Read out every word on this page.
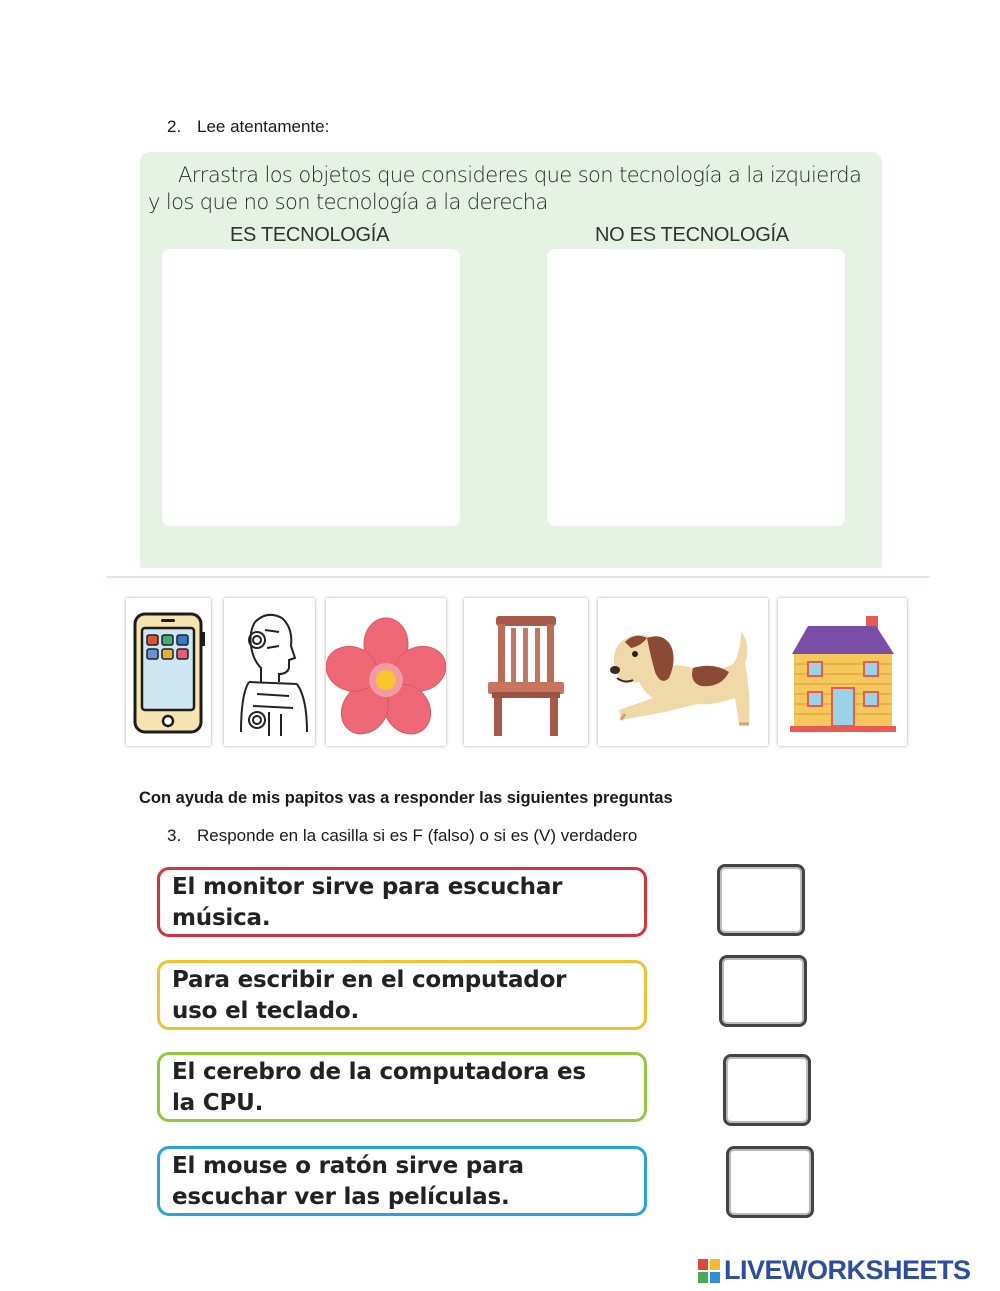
2. Lee atentamente:
Arrastra los objetos que consideres que son tecnología a la izquierda y los que no son tecnología a la derecha
ES TECNOLOGÍA	NO ES TECNOLOGÍA
Con ayuda de mis papitos vas a responder las siguientes preguntas
3. Responde en la casilla si es F (falso) o si es (V) verdadero
El monitor sirve para escuchar
música.
Para escribir en el computador
uso el teclado.
El cerebro de la computadora es
la CPU.
El mouse o ratón sirve para
escuchar ver las películas.
LIVEWORKSHEETS
